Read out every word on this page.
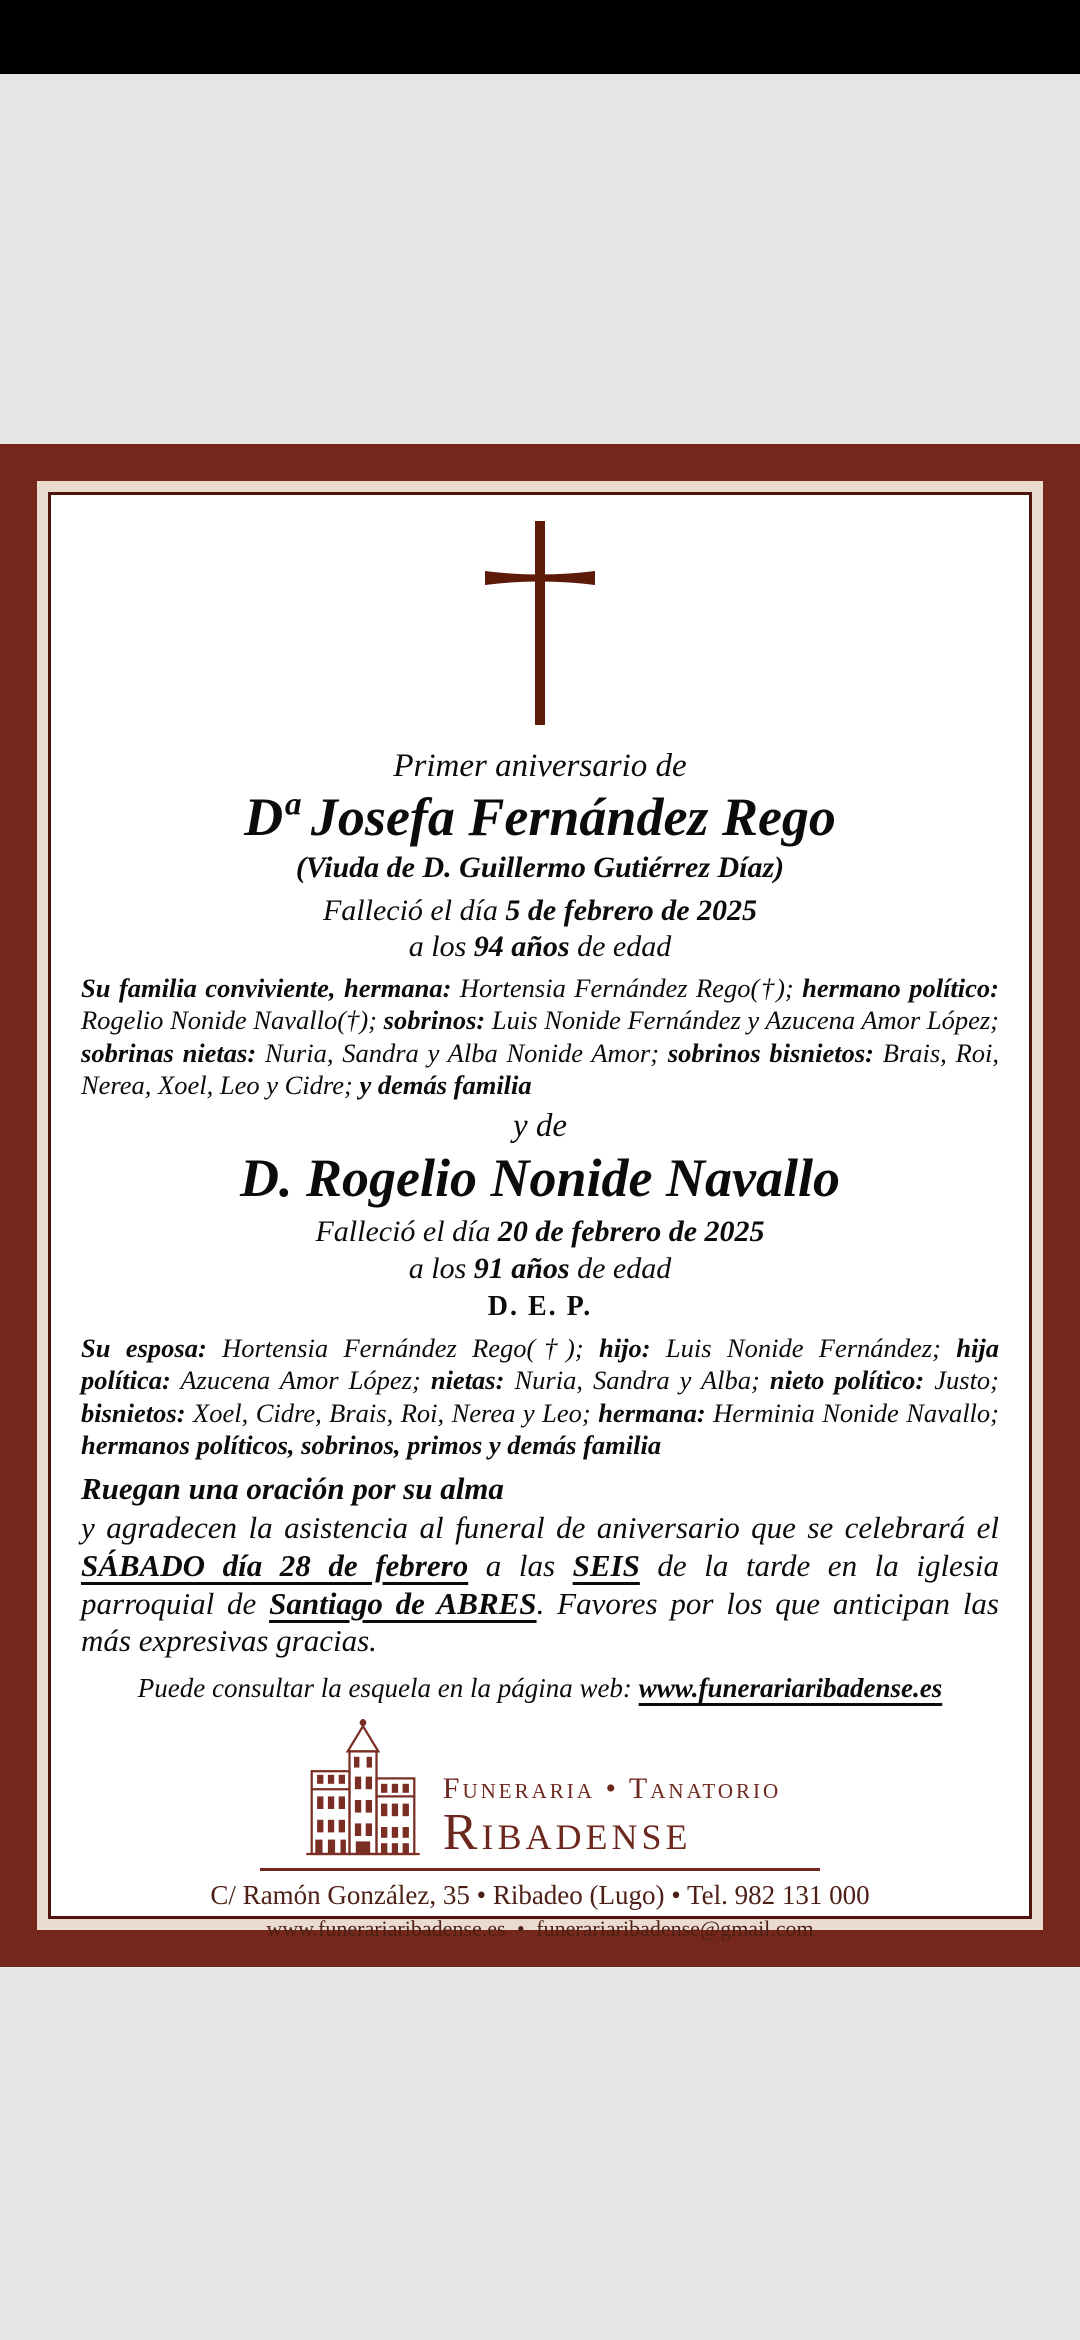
Primer aniversario de
Dª Josefa Fernández Rego
(Viuda de D. Guillermo Gutiérrez Díaz)
Falleció el día 5 de febrero de 2025
a los 94 años de edad
Su familia conviviente, hermana: Hortensia Fernández Rego(†); hermano político: Rogelio Nonide Navallo(†); sobrinos: Luis Nonide Fernández y Azucena Amor López; sobrinas nietas: Nuria, Sandra y Alba Nonide Amor; sobrinos bisnietos: Brais, Roi, Nerea, Xoel, Leo y Cidre; y demás familia
y de
D. Rogelio Nonide Navallo
Falleció el día 20 de febrero de 2025
a los 91 años de edad
D. E. P.
Su esposa: Hortensia Fernández Rego(†); hijo: Luis Nonide Fernández; hija política: Azucena Amor López; nietas: Nuria, Sandra y Alba; nieto político: Justo; bisnietos: Xoel, Cidre, Brais, Roi, Nerea y Leo; hermana: Herminia Nonide Navallo; hermanos políticos, sobrinos, primos y demás familia
Ruegan una oración por su alma
y agradecen la asistencia al funeral de aniversario que se celebrará el SÁBADO día 28 de febrero a las SEIS de la tarde en la iglesia parroquial de Santiago de ABRES. Favores por los que anticipan las más expresivas gracias.
Puede consultar la esquela en la página web: www.funerariaribadense.es
Funeraria • Tanatorio
Ribadense
C/ Ramón González, 35 • Ribadeo (Lugo) • Tel. 982 131 000
www.funerariaribadense.es • funerariaribadense@gmail.com
